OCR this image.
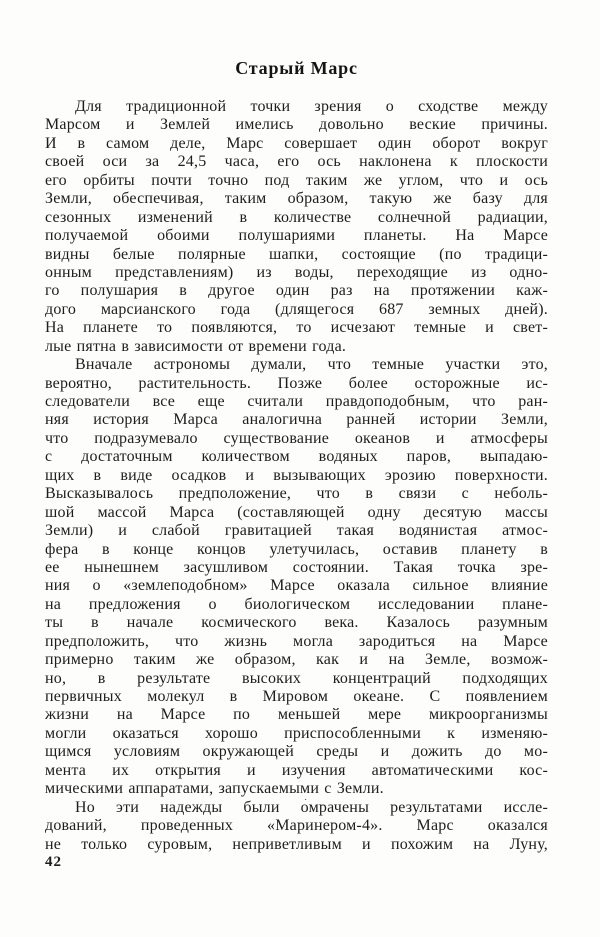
Старый Марс
Для традиционной точки зрения о сходстве между
Марсом и Землей имелись довольно веские причины.
И в самом деле, Марс совершает один оборот вокруг
своей оси за 24,5 часа, его ось наклонена к плоскости
его орбиты почти точно под таким же углом, что и ось
Земли, обеспечивая, таким образом, такую же базу для
сезонных изменений в количестве солнечной радиации,
получаемой обоими полушариями планеты. На Марсе
видны белые полярные шапки, состоящие (по традици-
онным представлениям) из воды, переходящие из одно-
го полушария в другое один раз на протяжении каж-
дого марсианского года (длящегося 687 земных дней).
На планете то появляются, то исчезают темные и свет-
лые пятна в зависимости от времени года.
Вначале астрономы думали, что темные участки это,
вероятно, растительность. Позже более осторожные ис-
следователи все еще считали правдоподобным, что ран-
няя история Марса аналогична ранней истории Земли,
что подразумевало существование океанов и атмосферы
с достаточным количеством водяных паров, выпадаю-
щих в виде осадков и вызывающих эрозию поверхности.
Высказывалось предположение, что в связи с неболь-
шой массой Марса (составляющей одну десятую массы
Земли) и слабой гравитацией такая водянистая атмос-
фера в конце концов улетучилась, оставив планету в
ее нынешнем засушливом состоянии. Такая точка зре-
ния о «землеподобном» Марсе оказала сильное влияние
на предложения о биологическом исследовании плане-
ты в начале космического века. Казалось разумным
предположить, что жизнь могла зародиться на Марсе
примерно таким же образом, как и на Земле, возмож-
но, в результате высоких концентраций подходящих
первичных молекул в Мировом океане. С появлением
жизни на Марсе по меньшей мере микроорганизмы
могли оказаться хорошо приспособленными к изменяю-
щимся условиям окружающей среды и дожить до мо-
мента их открытия и изучения автоматическими кос-
мическими аппаратами, запускаемыми с Земли.
Но эти надежды были о́мрачены результатами иссле-
дований, проведенных «Маринером-4». Марс оказался
не только суровым, неприветливым и похожим на Луну,
42
